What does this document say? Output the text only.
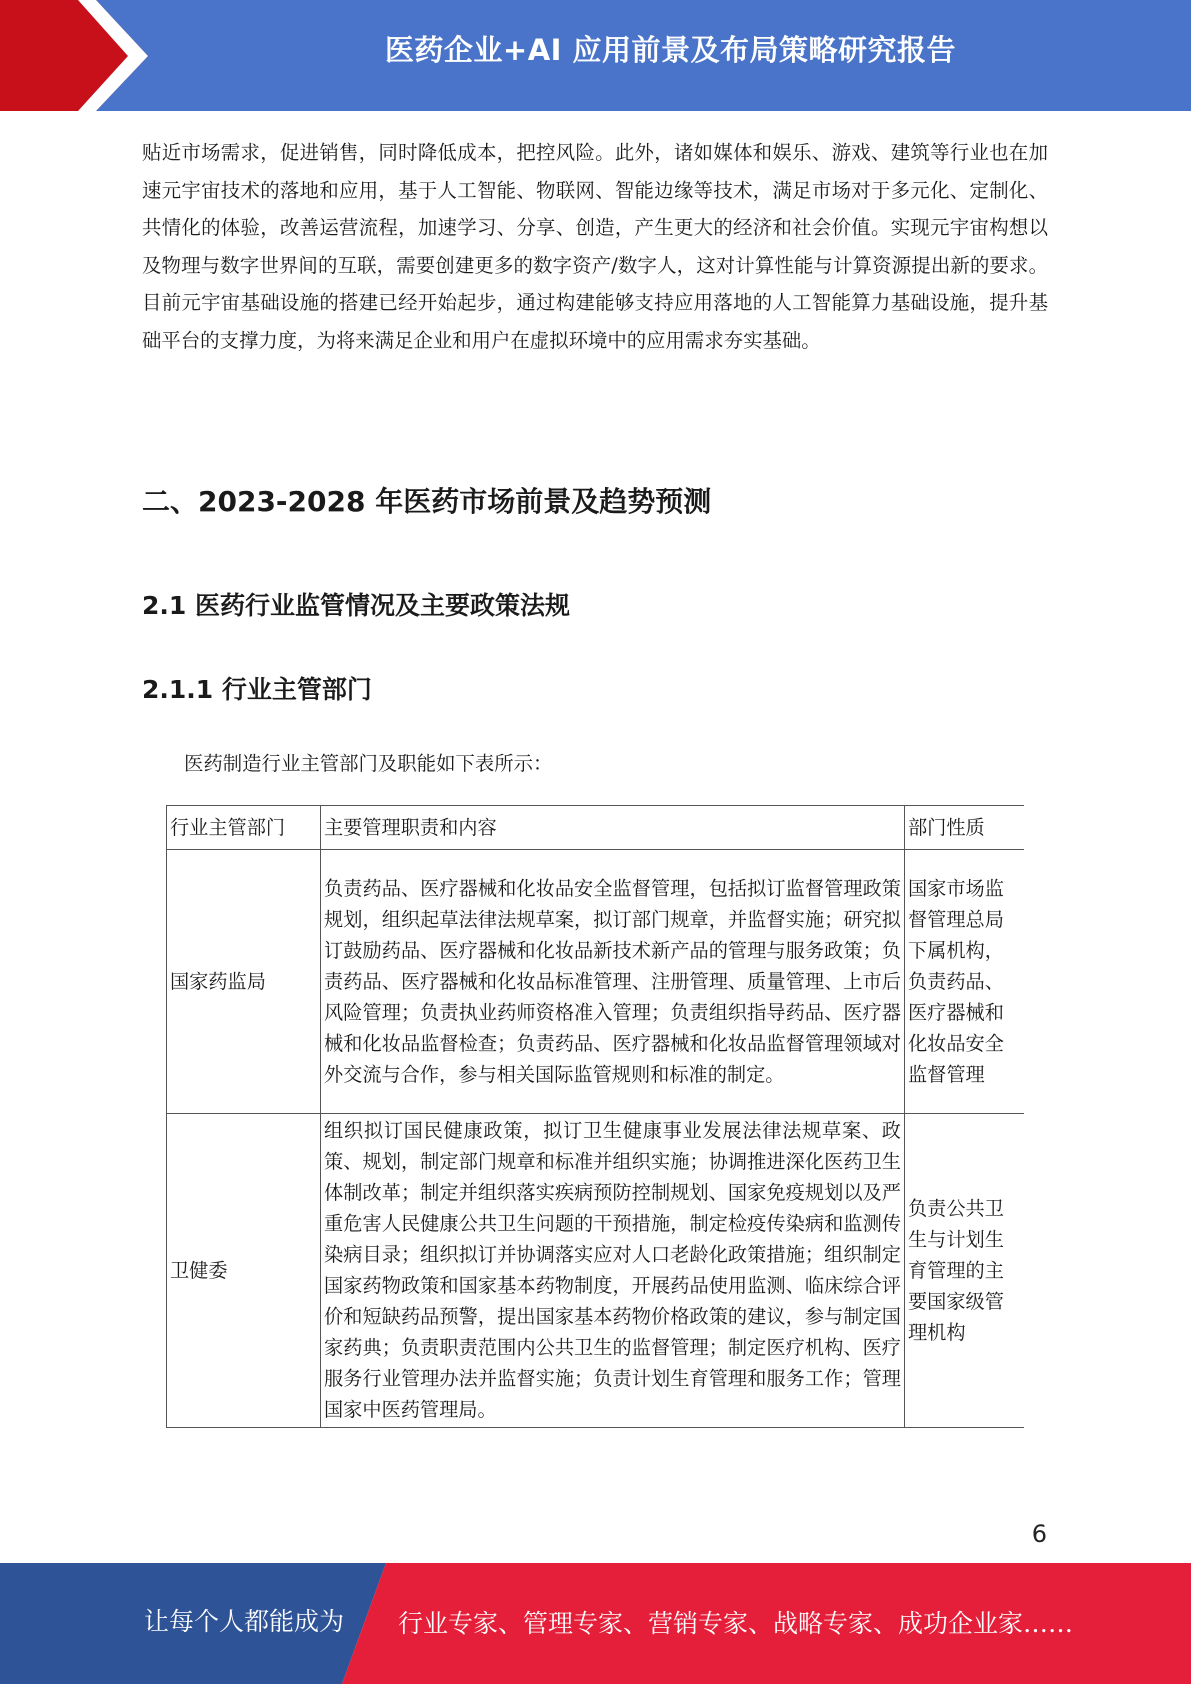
医药企业+AI 应用前景及布局策略研究报告

贴近市场需求，促进销售，同时降低成本，把控风险。此外，诸如媒体和娱乐、游戏、建筑等行业也在加速元宇宙技术的落地和应用，基于人工智能、物联网、智能边缘等技术，满足市场对于多元化、定制化、共情化的体验，改善运营流程，加速学习、分享、创造，产生更大的经济和社会价值。实现元宇宙构想以及物理与数字世界间的互联，需要创建更多的数字资产/数字人，这对计算性能与计算资源提出新的要求。目前元宇宙基础设施的搭建已经开始起步，通过构建能够支持应用落地的人工智能算力基础设施，提升基础平台的支撑力度，为将来满足企业和用户在虚拟环境中的应用需求夯实基础。

二、2023-2028 年医药市场前景及趋势预测
2.1 医药行业监管情况及主要政策法规
2.1.1 行业主管部门

医药制造行业主管部门及职能如下表所示：

行业主管部门	主要管理职责和内容	部门性质
国家药监局	负责药品、医疗器械和化妆品安全监督管理，包括拟订监督管理政策规划，组织起草法律法规草案，拟订部门规章，并监督实施；研究拟订鼓励药品、医疗器械和化妆品新技术新产品的管理与服务政策；负责药品、医疗器械和化妆品标准管理、注册管理、质量管理、上市后风险管理；负责执业药师资格准入管理；负责组织指导药品、医疗器械和化妆品监督检查；负责药品、医疗器械和化妆品监督管理领域对外交流与合作，参与相关国际监管规则和标准的制定。	国家市场监督管理总局下属机构，负责药品、医疗器械和化妆品安全监督管理
卫健委	组织拟订国民健康政策，拟订卫生健康事业发展法律法规草案、政策、规划，制定部门规章和标准并组织实施；协调推进深化医药卫生体制改革；制定并组织落实疾病预防控制规划、国家免疫规划以及严重危害人民健康公共卫生问题的干预措施，制定检疫传染病和监测传染病目录；组织拟订并协调落实应对人口老龄化政策措施；组织制定国家药物政策和国家基本药物制度，开展药品使用监测、临床综合评价和短缺药品预警，提出国家基本药物价格政策的建议，参与制定国家药典；负责职责范围内公共卫生的监督管理；制定医疗机构、医疗服务行业管理办法并监督实施；负责计划生育管理和服务工作；管理国家中医药管理局。	负责公共卫生与计划生育管理的主要国家级管理机构
6
让每个人都能成为 行业专家、管理专家、营销专家、战略专家、成功企业家……
